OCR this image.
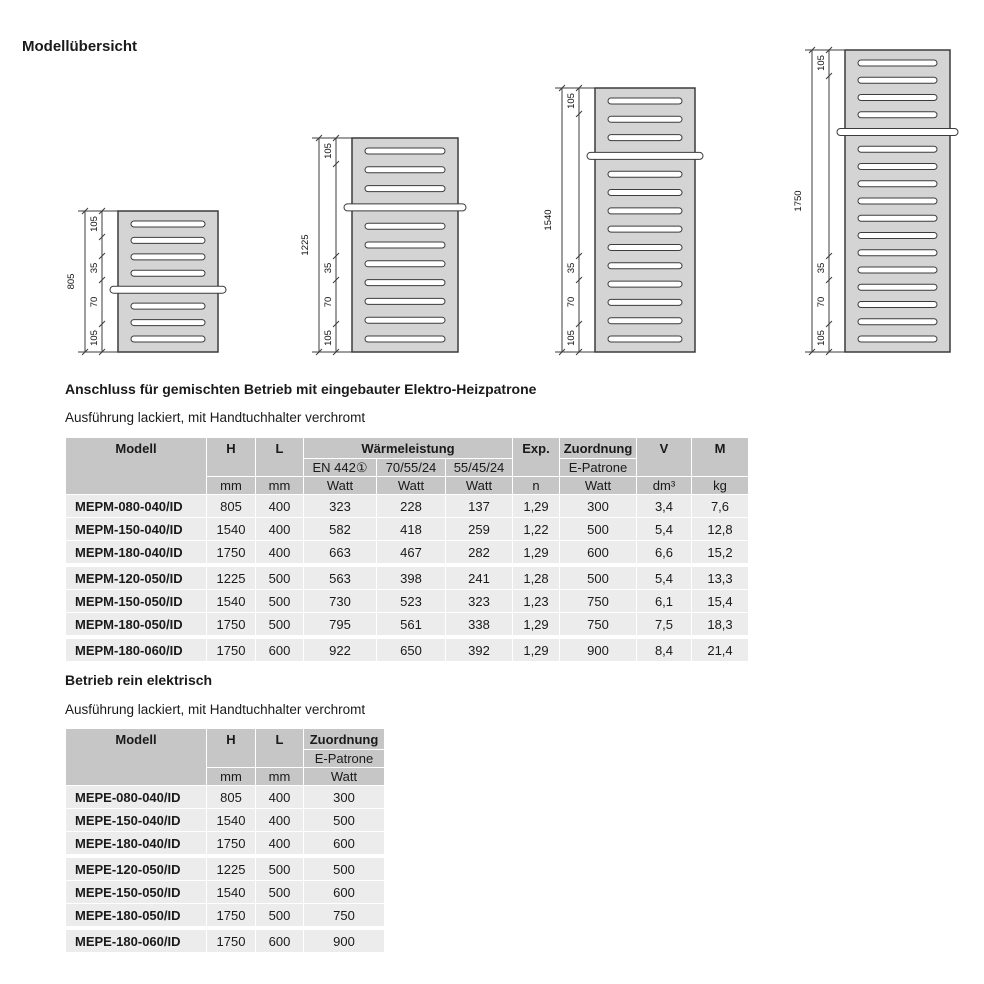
105
35
70
105
805
105
35
70
105
1225
105
35
70
105
1540
105
35
70
105
1750
Modellübersicht
Anschluss für gemischten Betrieb mit eingebauter Elektro-Heizpatrone
Ausführung lackiert, mit Handtuchhalter verchromt
Modell	H	L	Wärmeleistung			Exp.	Zuordnung	V	M
			EN 442①	70/55/24	55/45/24		E-Patrone		
	mm	mm	Watt	Watt	Watt	n	Watt	dm³	kg
MEPM-080-040/ID	805	400	323	228	137	1,29	300	3,4	7,6
MEPM-150-040/ID	1540	400	582	418	259	1,22	500	5,4	12,8
MEPM-180-040/ID	1750	400	663	467	282	1,29	600	6,6	15,2

MEPM-120-050/ID	1225	500	563	398	241	1,28	500	5,4	13,3
MEPM-150-050/ID	1540	500	730	523	323	1,23	750	6,1	15,4
MEPM-180-050/ID	1750	500	795	561	338	1,29	750	7,5	18,3

MEPM-180-060/ID	1750	600	922	650	392	1,29	900	8,4	21,4
Betrieb rein elektrisch
Ausführung lackiert, mit Handtuchhalter verchromt
Modell	H	L	Zuordnung
			E-Patrone
	mm	mm	Watt
MEPE-080-040/ID	805	400	300
MEPE-150-040/ID	1540	400	500
MEPE-180-040/ID	1750	400	600

MEPE-120-050/ID	1225	500	500
MEPE-150-050/ID	1540	500	600
MEPE-180-050/ID	1750	500	750

MEPE-180-060/ID	1750	600	900
